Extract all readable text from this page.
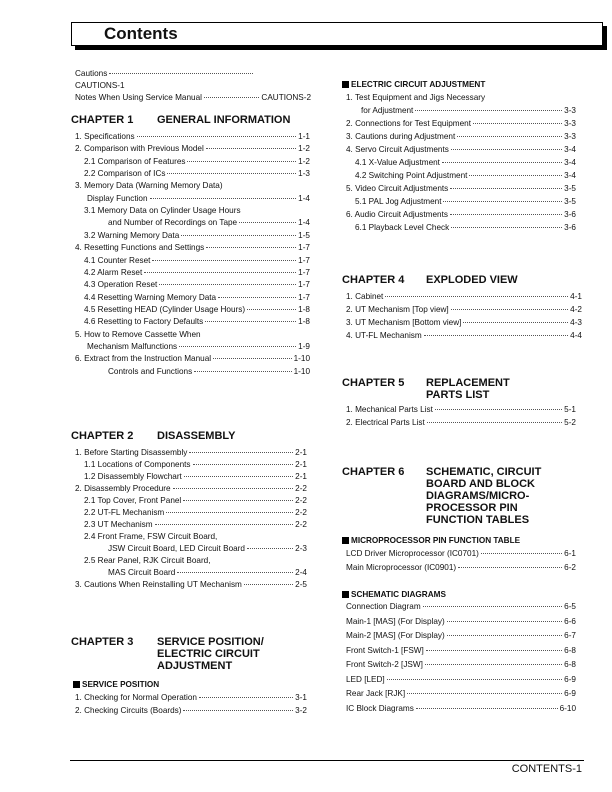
Contents
Cautions
CAUTIONS-1
Notes When Using Service Manual	CAUTIONS-2
CHAPTER 1 GENERAL INFORMATION
1. Specifications	1-1
2. Comparison with Previous Model	1-2
2.1 Comparison of Features	1-2
2.2 Comparison of ICs	1-3
3. Memory Data (Warning Memory Data)
Display Function	1-4
3.1 Memory Data on Cylinder Usage Hours
and Number of Recordings on Tape	1-4
3.2 Warning Memory Data	1-5
4. Resetting Functions and Settings	1-7
4.1 Counter Reset	1-7
4.2 Alarm Reset	1-7
4.3 Operation Reset	1-7
4.4 Resetting Warning Memory Data	1-7
4.5 Resetting HEAD (Cylinder Usage Hours)	1-8
4.6 Resetting to Factory Defaults	1-8
5. How to Remove Cassette When
Mechanism Malfunctions	1-9
6. Extract from the Instruction Manual	1-10
Controls and Functions	1-10
CHAPTER 2 DISASSEMBLY
1. Before Starting Disassembly	2-1
1.1 Locations of Components	2-1
1.2 Disassembly Flowchart	2-1
2. Disassembly Procedure	2-2
2.1 Top Cover, Front Panel	2-2
2.2 UT-FL Mechanism	2-2
2.3 UT Mechanism	2-2
2.4 Front Frame, FSW Circuit Board,
JSW Circuit Board, LED Circuit Board	2-3
2.5 Rear Panel, RJK Circuit Board,
MAS Circuit Board	2-4
3. Cautions When Reinstalling UT Mechanism	2-5
CHAPTER 3 SERVICE POSITION/
ELECTRIC CIRCUIT
ADJUSTMENT
SERVICE POSITION
1. Checking for Normal Operation	3-1
2. Checking Circuits (Boards)	3-2
ELECTRIC CIRCUIT ADJUSTMENT
1. Test Equipment and Jigs Necessary
for Adjustment	3-3
2. Connections for Test Equipment	3-3
3. Cautions during Adjustment	3-3
4. Servo Circuit Adjustments	3-4
4.1 X-Value Adjustment	3-4
4.2 Switching Point Adjustment	3-4
5. Video Circuit Adjustments	3-5
5.1 PAL Jog Adjustment	3-5
6. Audio Circuit Adjustments	3-6
6.1 Playback Level Check	3-6
CHAPTER 4 EXPLODED VIEW
1. Cabinet	4-1
2. UT Mechanism [Top view]	4-2
3. UT Mechanism [Bottom view]	4-3
4. UT-FL Mechanism	4-4
CHAPTER 5 REPLACEMENT
PARTS LIST
1. Mechanical Parts List	5-1
2. Electrical Parts List	5-2
CHAPTER 6 SCHEMATIC, CIRCUIT
BOARD AND BLOCK
DIAGRAMS/MICRO-
PROCESSOR PIN
FUNCTION TABLES
MICROPROCESSOR PIN FUNCTION TABLE
LCD Driver Microprocessor (IC0701)	6-1
Main Microprocessor (IC0901)	6-2
SCHEMATIC DIAGRAMS
Connection Diagram	6-5
Main-1 [MAS] (For Display)	6-6
Main-2 [MAS] (For Display)	6-7
Front Switch-1 [FSW]	6-8
Front Switch-2 [JSW]	6-8
LED [LED]	6-9
Rear Jack [RJK]	6-9
IC Block Diagrams	6-10
CONTENTS-1
